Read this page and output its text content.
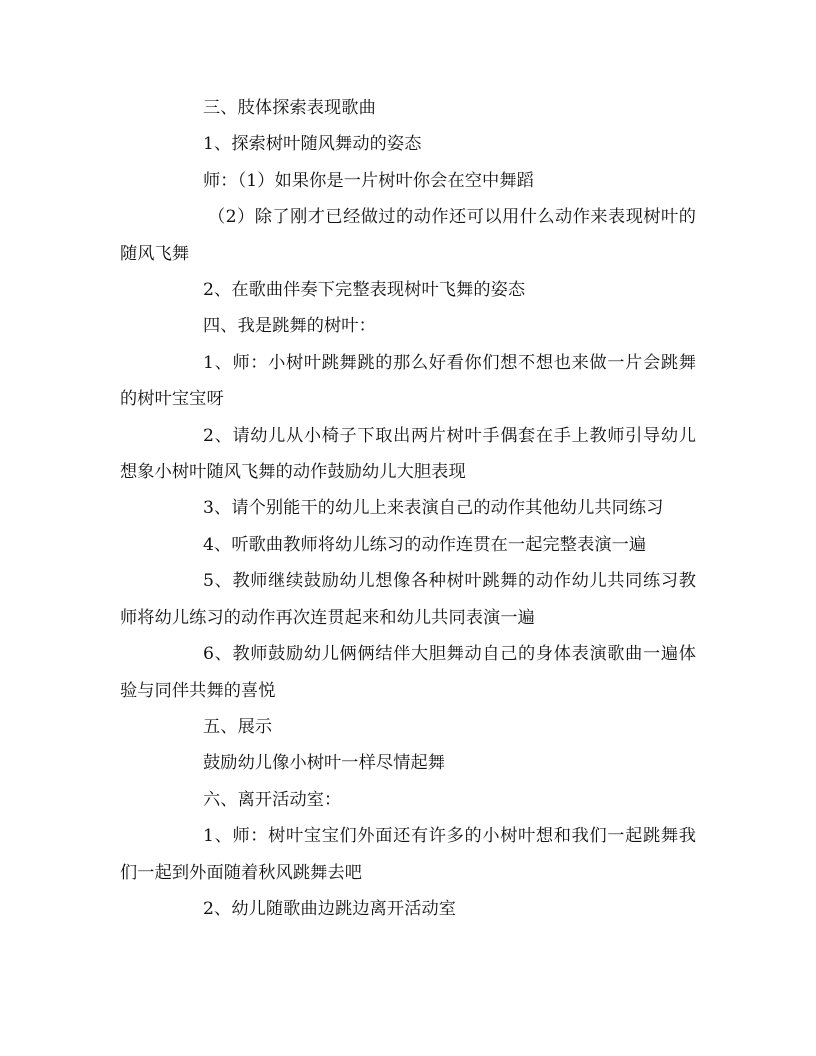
三、肢体探索表现歌曲

1、探索树叶随风舞动的姿态

师：（1）如果你是一片树叶你会在空中舞蹈

（2）除了刚才已经做过的动作还可以用什么动作来表现树叶的随风飞舞

2、在歌曲伴奏下完整表现树叶飞舞的姿态

四、我是跳舞的树叶：

1、师：小树叶跳舞跳的那么好看你们想不想也来做一片会跳舞的树叶宝宝呀

2、请幼儿从小椅子下取出两片树叶手偶套在手上教师引导幼儿想象小树叶随风飞舞的动作鼓励幼儿大胆表现

3、请个别能干的幼儿上来表演自己的动作其他幼儿共同练习

4、听歌曲教师将幼儿练习的动作连贯在一起完整表演一遍

5、教师继续鼓励幼儿想像各种树叶跳舞的动作幼儿共同练习教师将幼儿练习的动作再次连贯起来和幼儿共同表演一遍

6、教师鼓励幼儿俩俩结伴大胆舞动自己的身体表演歌曲一遍体验与同伴共舞的喜悦

五、展示

鼓励幼儿像小树叶一样尽情起舞

六、离开活动室：

1、师：树叶宝宝们外面还有许多的小树叶想和我们一起跳舞我们一起到外面随着秋风跳舞去吧

2、幼儿随歌曲边跳边离开活动室
